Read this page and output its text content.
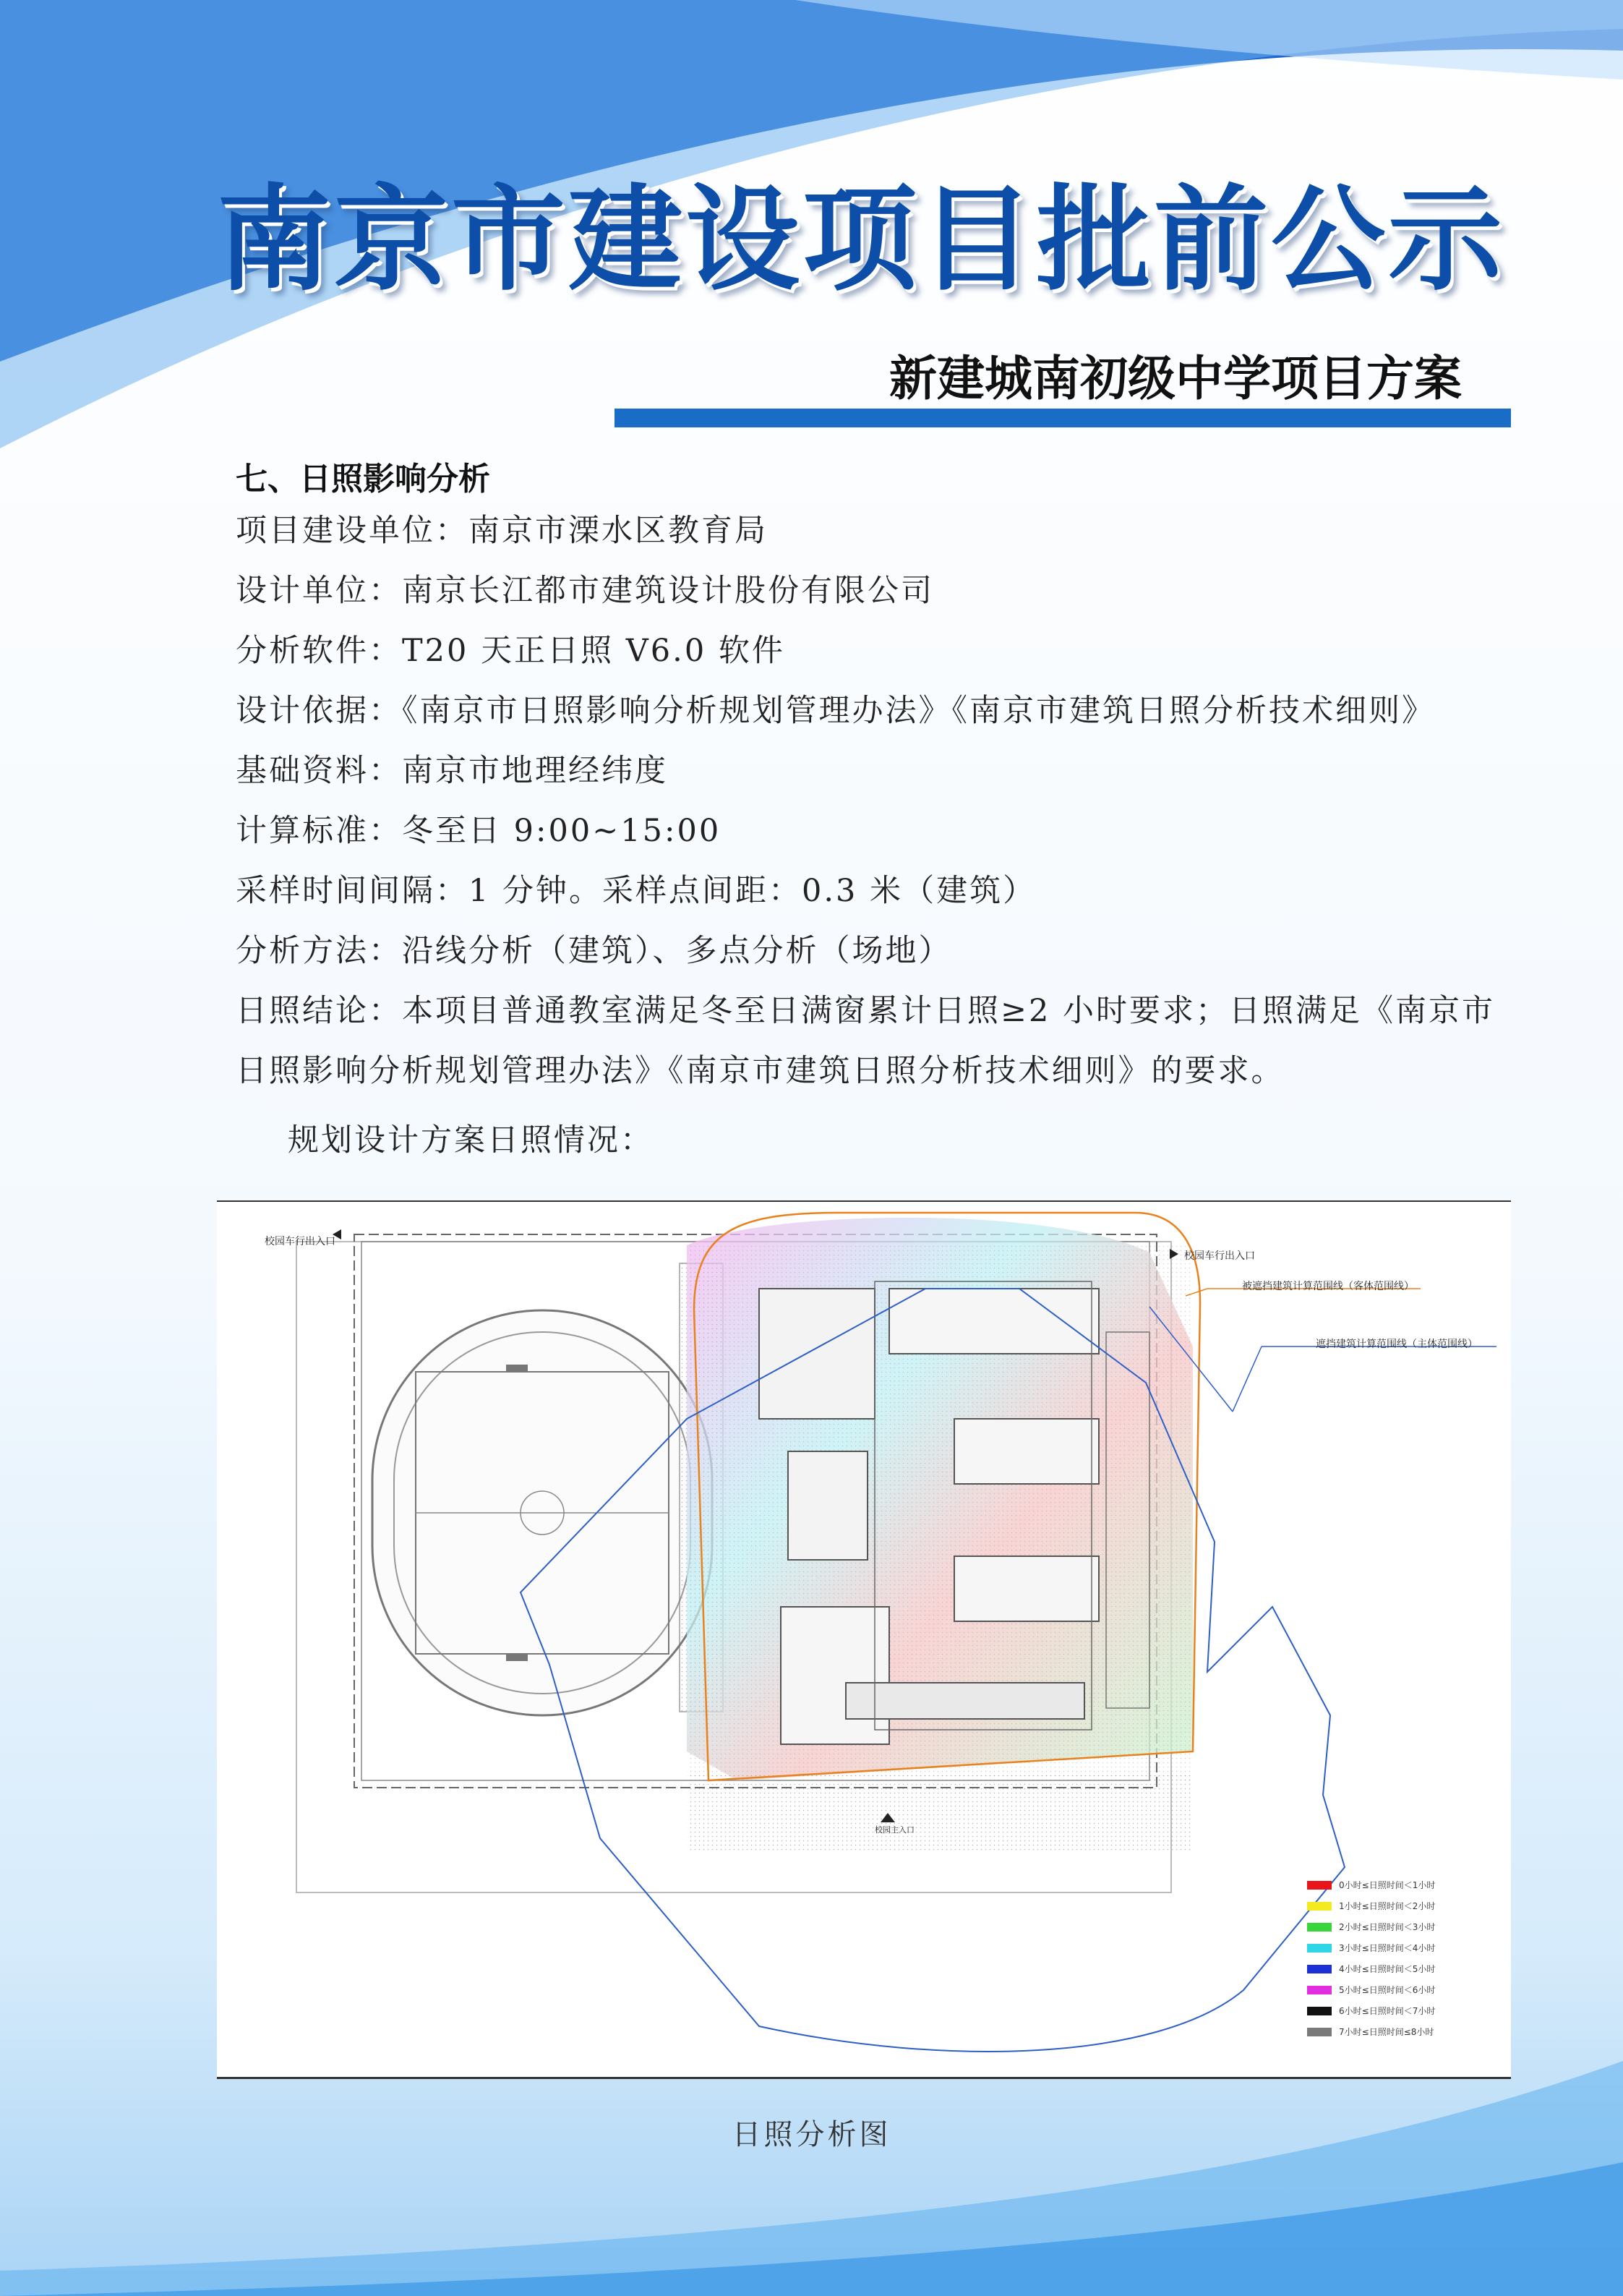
南京市建设项目批前公示
新建城南初级中学项目方案
七、日照影响分析
项目建设单位：南京市溧水区教育局
设计单位：南京长江都市建筑设计股份有限公司
分析软件：T20 天正日照 V6.0 软件
设计依据：《南京市日照影响分析规划管理办法》《南京市建筑日照分析技术细则》
基础资料：南京市地理经纬度
计算标准：冬至日 9:00~15:00
采样时间间隔：1 分钟。采样点间距：0.3 米（建筑）
分析方法：沿线分析（建筑）、多点分析（场地）
日照结论：本项目普通教室满足冬至日满窗累计日照≥2 小时要求；日照满足《南京市日照影响分析规划管理办法》《南京市建筑日照分析技术细则》的要求。
规划设计方案日照情况：
校园车行出入口
校园车行出入口
被遮挡建筑计算范围线（客体范围线）
遮挡建筑计算范围线（主体范围线）
校园主入口
0小时≤日照时间＜1小时
1小时≤日照时间＜2小时
2小时≤日照时间＜3小时
3小时≤日照时间＜4小时
4小时≤日照时间＜5小时
5小时≤日照时间＜6小时
6小时≤日照时间＜7小时
7小时≤日照时间≤8小时
日照分析图
